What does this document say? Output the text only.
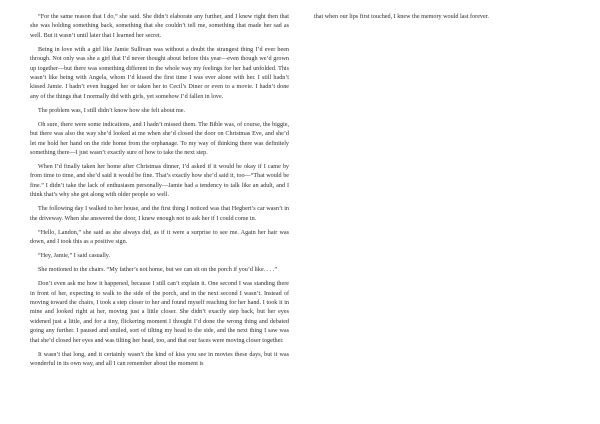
“For the same reason that I do,” she said. She didn’t elaborate any further, and I knew right then that she was holding something back, something that she couldn’t tell me, something that made her sad as well. But it wasn’t until later that I learned her secret.

Being in love with a girl like Jamie Sullivan was without a doubt the strangest thing I’d ever been through. Not only was she a girl that I’d never thought about before this year—even though we’d grown up together—but there was something different in the whole way my feelings for her had unfolded. This wasn’t like being with Angela, whom I’d kissed the first time I was ever alone with her. I still hadn’t kissed Jamie. I hadn’t even hugged her or taken her to Cecil’s Diner or even to a movie. I hadn’t done any of the things that I normally did with girls, yet somehow I’d fallen in love.

The problem was, I still didn’t know how she felt about me.

Oh sure, there were some indications, and I hadn’t missed them. The Bible was, of course, the biggie, but there was also the way she’d looked at me when she’d closed the door on Christmas Eve, and she’d let me hold her hand on the ride home from the orphanage. To my way of thinking there was definitely something there—I just wasn’t exactly sure of how to take the next step.

When I’d finally taken her home after Christmas dinner, I’d asked if it would be okay if I came by from time to time, and she’d said it would be fine. That’s exactly how she’d said it, too—“That would be fine.” I didn’t take the lack of enthusiasm personally—Jamie had a tendency to talk like an adult, and I think that’s why she got along with older people so well.

The following day I walked to her house, and the first thing I noticed was that Hegbert’s car wasn’t in the driveway. When she answered the door, I knew enough not to ask her if I could come in.

“Hello, Landon,” she said as she always did, as if it were a surprise to see me. Again her hair was down, and I took this as a positive sign.

“Hey, Jamie,” I said casually.

She motioned to the chairs. “My father’s not home, but we can sit on the porch if you’d like. . . .”

Don’t even ask me how it happened, because I still can’t explain it. One second I was standing there in front of her, expecting to walk to the side of the porch, and in the next second I wasn’t. Instead of moving toward the chairs, I took a step closer to her and found myself reaching for her hand. I took it in mine and looked right at her, moving just a little closer. She didn’t exactly step back, but her eyes widened just a little, and for a tiny, flickering moment I thought I’d done the wrong thing and debated going any further. I paused and smiled, sort of tilting my head to the side, and the next thing I saw was that she’d closed her eyes and was tilting her head, too, and that our faces were moving closer together.

It wasn’t that long, and it certainly wasn’t the kind of kiss you see in movies these days, but it was wonderful in its own way, and all I can remember about the moment is

that when our lips first touched, I knew the memory would last forever.
